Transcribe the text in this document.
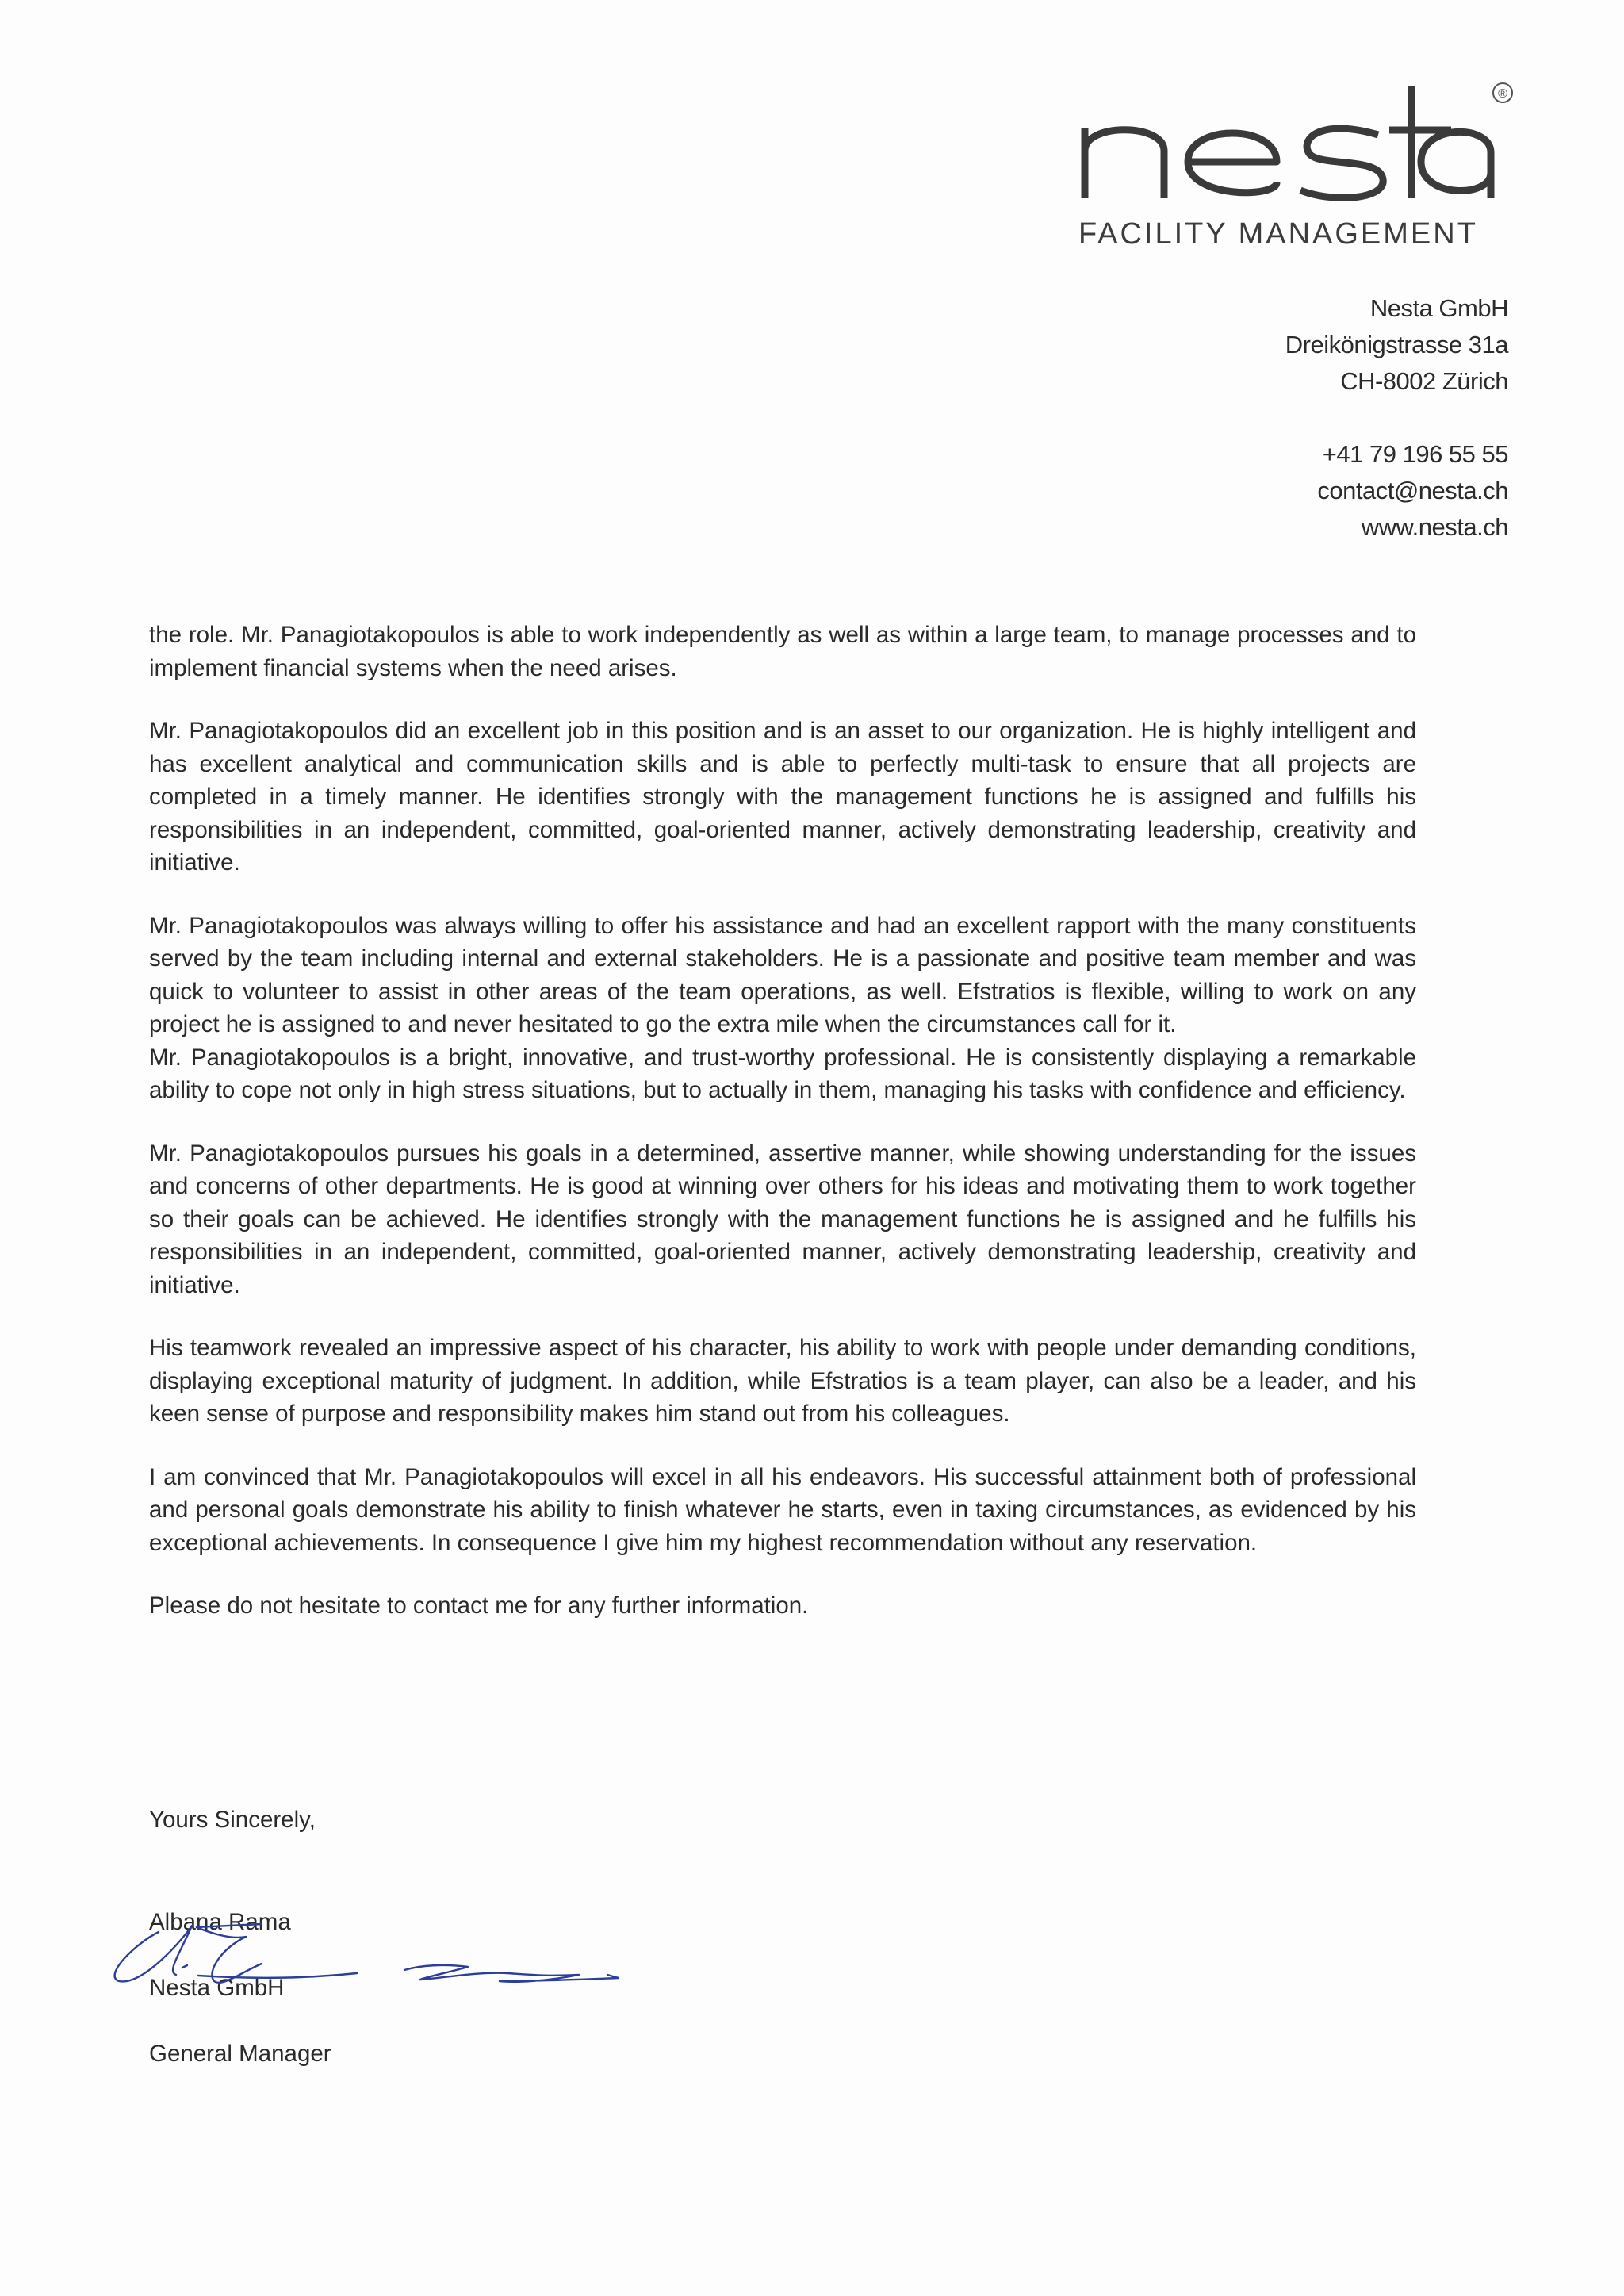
®
FACILITY MANAGEMENT
Nesta GmbH
Dreikönigstrasse 31a
CH-8002 Zürich
+41 79 196 55 55
contact@nesta.ch
www.nesta.ch

the role. Mr. Panagiotakopoulos is able to work independently as well as within a large team, to manage processes and to implement financial systems when the need arises.

Mr. Panagiotakopoulos did an excellent job in this position and is an asset to our organization. He is highly intelligent and has excellent analytical and communication skills and is able to perfectly multi-task to ensure that all projects are completed in a timely manner. He identifies strongly with the management functions he is assigned and fulfills his responsibilities in an independent, committed, goal-oriented manner, actively demonstrating leadership, creativity and initiative.

Mr. Panagiotakopoulos was always willing to offer his assistance and had an excellent rapport with the many constituents served by the team including internal and external stakeholders. He is a passionate and positive team member and was quick to volunteer to assist in other areas of the team operations, as well. Efstratios is flexible, willing to work on any project he is assigned to and never hesitated to go the extra mile when the circumstances call for it.

Mr. Panagiotakopoulos is a bright, innovative, and trust-worthy professional. He is consistently displaying a remarkable ability to cope not only in high stress situations, but to actually in them, managing his tasks with confidence and efficiency.

Mr. Panagiotakopoulos pursues his goals in a determined, assertive manner, while showing understanding for the issues and concerns of other departments. He is good at winning over others for his ideas and motivating them to work together so their goals can be achieved. He identifies strongly with the management functions he is assigned and he fulfills his responsibilities in an independent, committed, goal-oriented manner, actively demonstrating leadership, creativity and initiative.

His teamwork revealed an impressive aspect of his character, his ability to work with people under demanding conditions, displaying exceptional maturity of judgment. In addition, while Efstratios is a team player, can also be a leader, and his keen sense of purpose and responsibility makes him stand out from his colleagues.

I am convinced that Mr. Panagiotakopoulos will excel in all his endeavors. His successful attainment both of professional and personal goals demonstrate his ability to finish whatever he starts, even in taxing circumstances, as evidenced by his exceptional achievements. In consequence I give him my highest recommendation without any reservation.

Please do not hesitate to contact me for any further information.

Yours Sincerely,
Albana Rama
Nesta GmbH
General Manager
